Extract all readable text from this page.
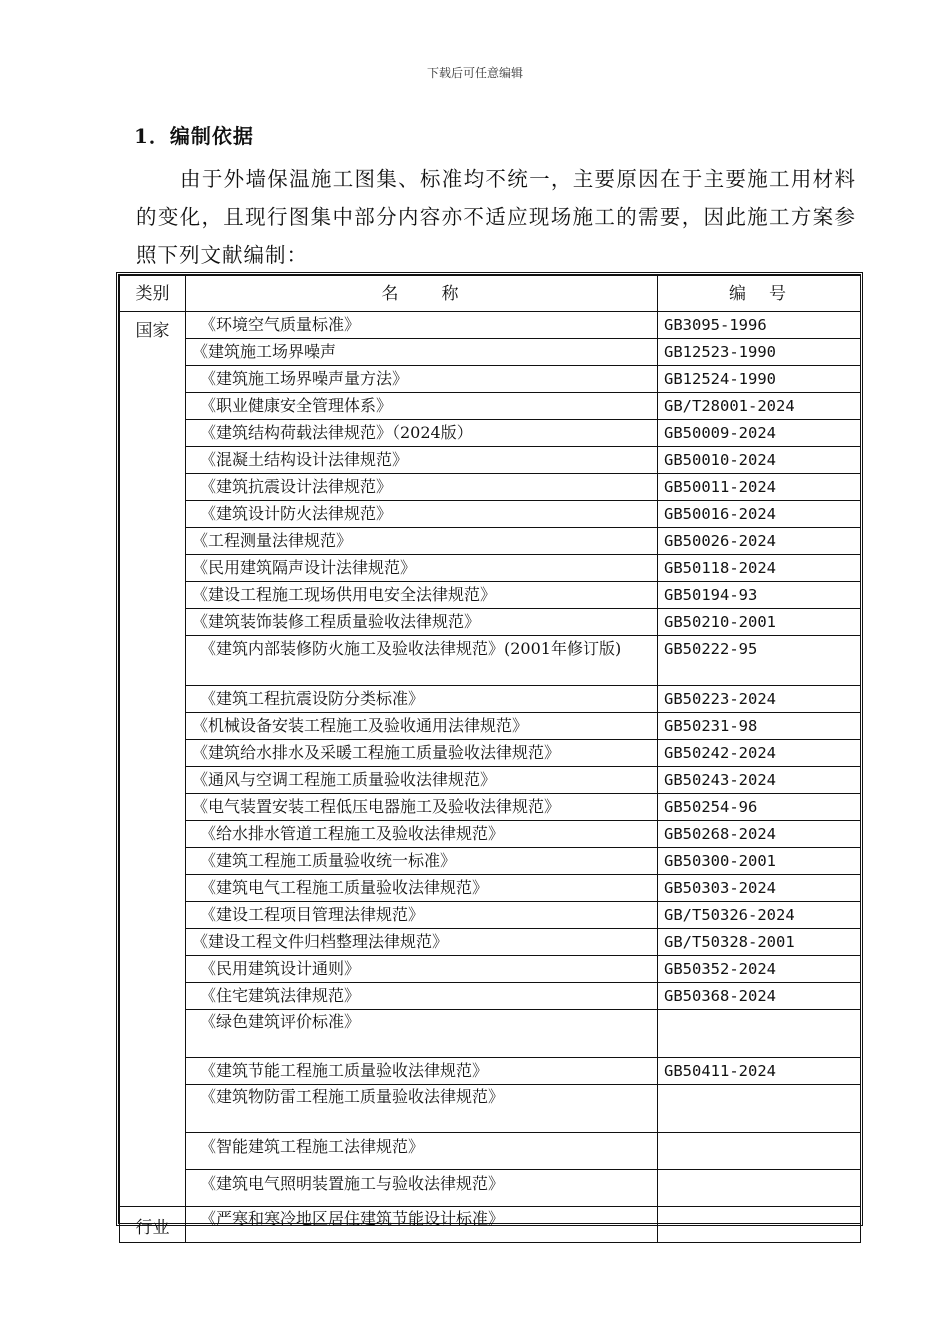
下载后可任意编辑
1．编制依据
由于外墙保温施工图集、标准均不统一，主要原因在于主要施工用材料的变化，且现行图集中部分内容亦不适应现场施工的需要，因此施工方案参照下列文献编制：
类别	名　　称	编　号
国家	《环境空气质量标准》	GB3095-1996
	《建筑施工场界噪声	GB12523-1990
	《建筑施工场界噪声量方法》	GB12524-1990
	《职业健康安全管理体系》	GB/T28001-2024
	《建筑结构荷载法律规范》（2024版）	GB50009-2024
	《混凝土结构设计法律规范》	GB50010-2024
	《建筑抗震设计法律规范》	GB50011-2024
	《建筑设计防火法律规范》	GB50016-2024
	《工程测量法律规范》	GB50026-2024
	《民用建筑隔声设计法律规范》	GB50118-2024
	《建设工程施工现场供用电安全法律规范》	GB50194-93
	《建筑装饰装修工程质量验收法律规范》	GB50210-2001
	《建筑内部装修防火施工及验收法律规范》(2001年修订版)	GB50222-95
	《建筑工程抗震设防分类标准》	GB50223-2024
	《机械设备安装工程施工及验收通用法律规范》	GB50231-98
	《建筑给水排水及采暖工程施工质量验收法律规范》	GB50242-2024
	《通风与空调工程施工质量验收法律规范》	GB50243-2024
	《电气装置安装工程低压电器施工及验收法律规范》	GB50254-96
	《给水排水管道工程施工及验收法律规范》	GB50268-2024
	《建筑工程施工质量验收统一标准》	GB50300-2001
	《建筑电气工程施工质量验收法律规范》	GB50303-2024
	《建设工程项目管理法律规范》	GB/T50326-2024
	《建设工程文件归档整理法律规范》	GB/T50328-2001
	《民用建筑设计通则》	GB50352-2024
	《住宅建筑法律规范》	GB50368-2024
	《绿色建筑评价标准》	
	《建筑节能工程施工质量验收法律规范》	GB50411-2024
	《建筑物防雷工程施工质量验收法律规范》	
	《智能建筑工程施工法律规范》	
	《建筑电气照明装置施工与验收法律规范》	
行业	《严寒和寒冷地区居住建筑节能设计标准》	
